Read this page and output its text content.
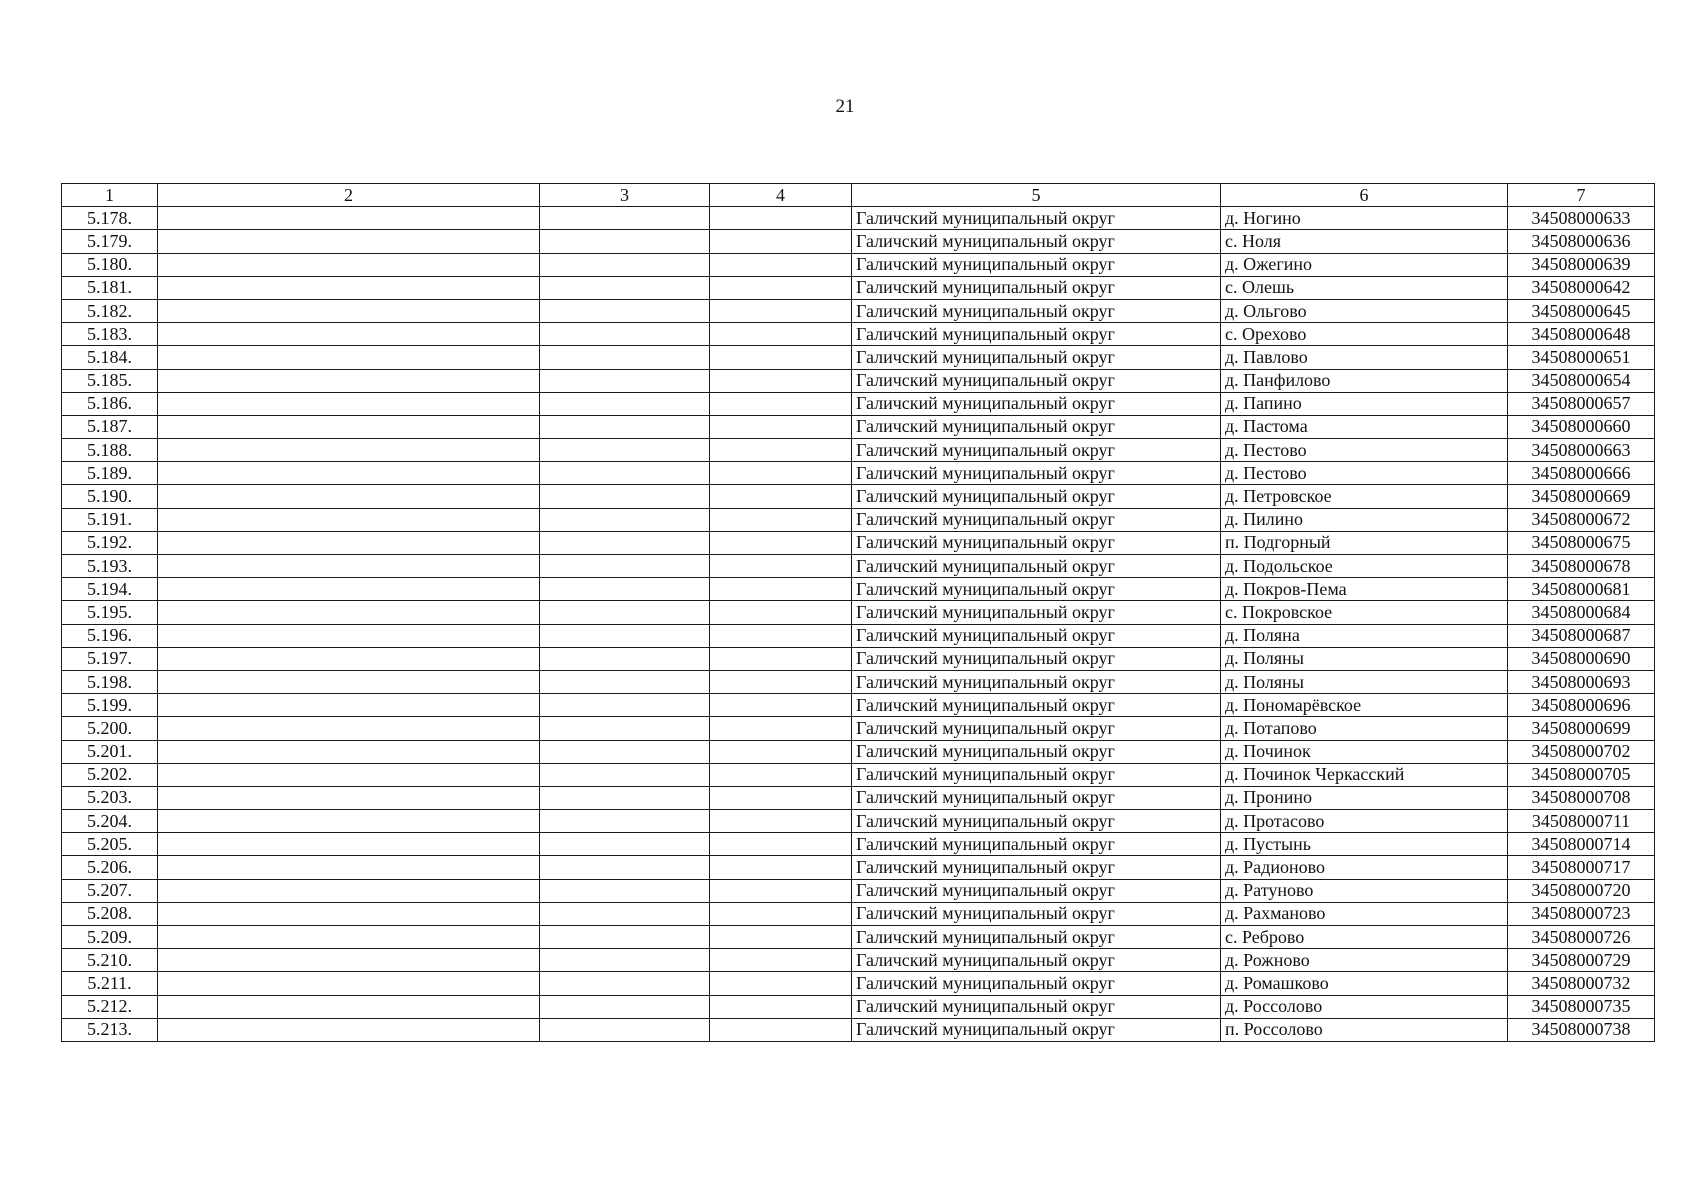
21
1	2	3	4	5	6	7
5.178.				Галичский муниципальный округ	д. Ногино	34508000633
5.179.				Галичский муниципальный округ	с. Ноля	34508000636
5.180.				Галичский муниципальный округ	д. Ожегино	34508000639
5.181.				Галичский муниципальный округ	с. Олешь	34508000642
5.182.				Галичский муниципальный округ	д. Ольгово	34508000645
5.183.				Галичский муниципальный округ	с. Орехово	34508000648
5.184.				Галичский муниципальный округ	д. Павлово	34508000651
5.185.				Галичский муниципальный округ	д. Панфилово	34508000654
5.186.				Галичский муниципальный округ	д. Папино	34508000657
5.187.				Галичский муниципальный округ	д. Пастома	34508000660
5.188.				Галичский муниципальный округ	д. Пестово	34508000663
5.189.				Галичский муниципальный округ	д. Пестово	34508000666
5.190.				Галичский муниципальный округ	д. Петровское	34508000669
5.191.				Галичский муниципальный округ	д. Пилино	34508000672
5.192.				Галичский муниципальный округ	п. Подгорный	34508000675
5.193.				Галичский муниципальный округ	д. Подольское	34508000678
5.194.				Галичский муниципальный округ	д. Покров-Пема	34508000681
5.195.				Галичский муниципальный округ	с. Покровское	34508000684
5.196.				Галичский муниципальный округ	д. Поляна	34508000687
5.197.				Галичский муниципальный округ	д. Поляны	34508000690
5.198.				Галичский муниципальный округ	д. Поляны	34508000693
5.199.				Галичский муниципальный округ	д. Пономарёвское	34508000696
5.200.				Галичский муниципальный округ	д. Потапово	34508000699
5.201.				Галичский муниципальный округ	д. Починок	34508000702
5.202.				Галичский муниципальный округ	д. Починок Черкасский	34508000705
5.203.				Галичский муниципальный округ	д. Пронино	34508000708
5.204.				Галичский муниципальный округ	д. Протасово	34508000711
5.205.				Галичский муниципальный округ	д. Пустынь	34508000714
5.206.				Галичский муниципальный округ	д. Радионово	34508000717
5.207.				Галичский муниципальный округ	д. Ратуново	34508000720
5.208.				Галичский муниципальный округ	д. Рахманово	34508000723
5.209.				Галичский муниципальный округ	с. Реброво	34508000726
5.210.				Галичский муниципальный округ	д. Рожново	34508000729
5.211.				Галичский муниципальный округ	д. Ромашково	34508000732
5.212.				Галичский муниципальный округ	д. Россолово	34508000735
5.213.				Галичский муниципальный округ	п. Россолово	34508000738
